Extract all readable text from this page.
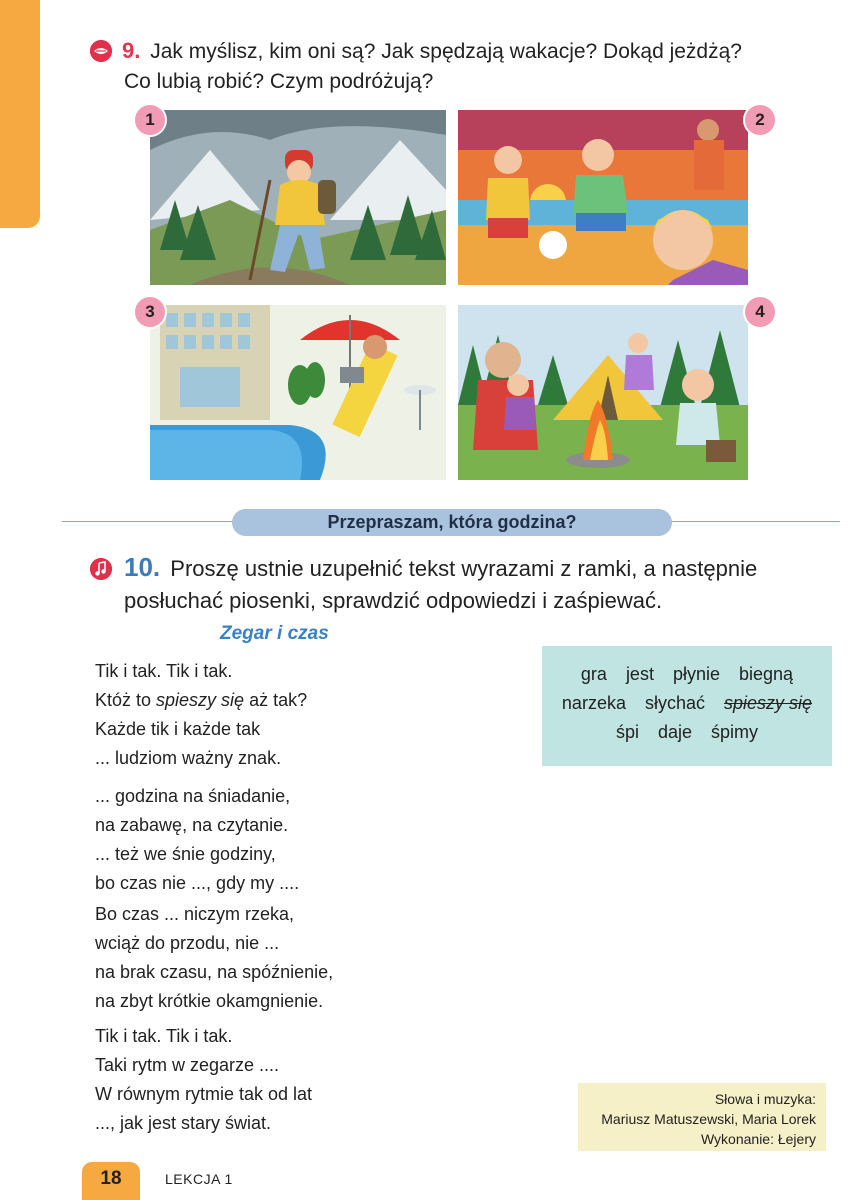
9. Jak myślisz, kim oni są? Jak spędzają wakacje? Dokąd jeżdżą?
Co lubią robić? Czym podróżują?
1	2
3	4
Przepraszam, która godzina?
10. Proszę ustnie uzupełnić tekst wyrazami z ramki, a następnie
posłuchać piosenki, sprawdzić odpowiedzi i zaśpiewać.
Zegar i czas
Tik i tak. Tik i tak.
Któż to spieszy się aż tak?
Każde tik i każde tak
... ludziom ważny znak.
... godzina na śniadanie,
na zabawę, na czytanie.
... też we śnie godziny,
bo czas nie ..., gdy my ....
Bo czas ... niczym rzeka,
wciąż do przodu, nie ...
na brak czasu, na spóźnienie,
na zbyt krótkie okamgnienie.
Tik i tak. Tik i tak.
Taki rytm w zegarze ....
W równym rytmie tak od lat
..., jak jest stary świat.
gra jest płynie biegną
narzeka słychać spieszy się
śpi daje śpimy
Słowa i muzyka:
Mariusz Matuszewski, Maria Lorek
Wykonanie: Łejery
18	LEKCJA 1
